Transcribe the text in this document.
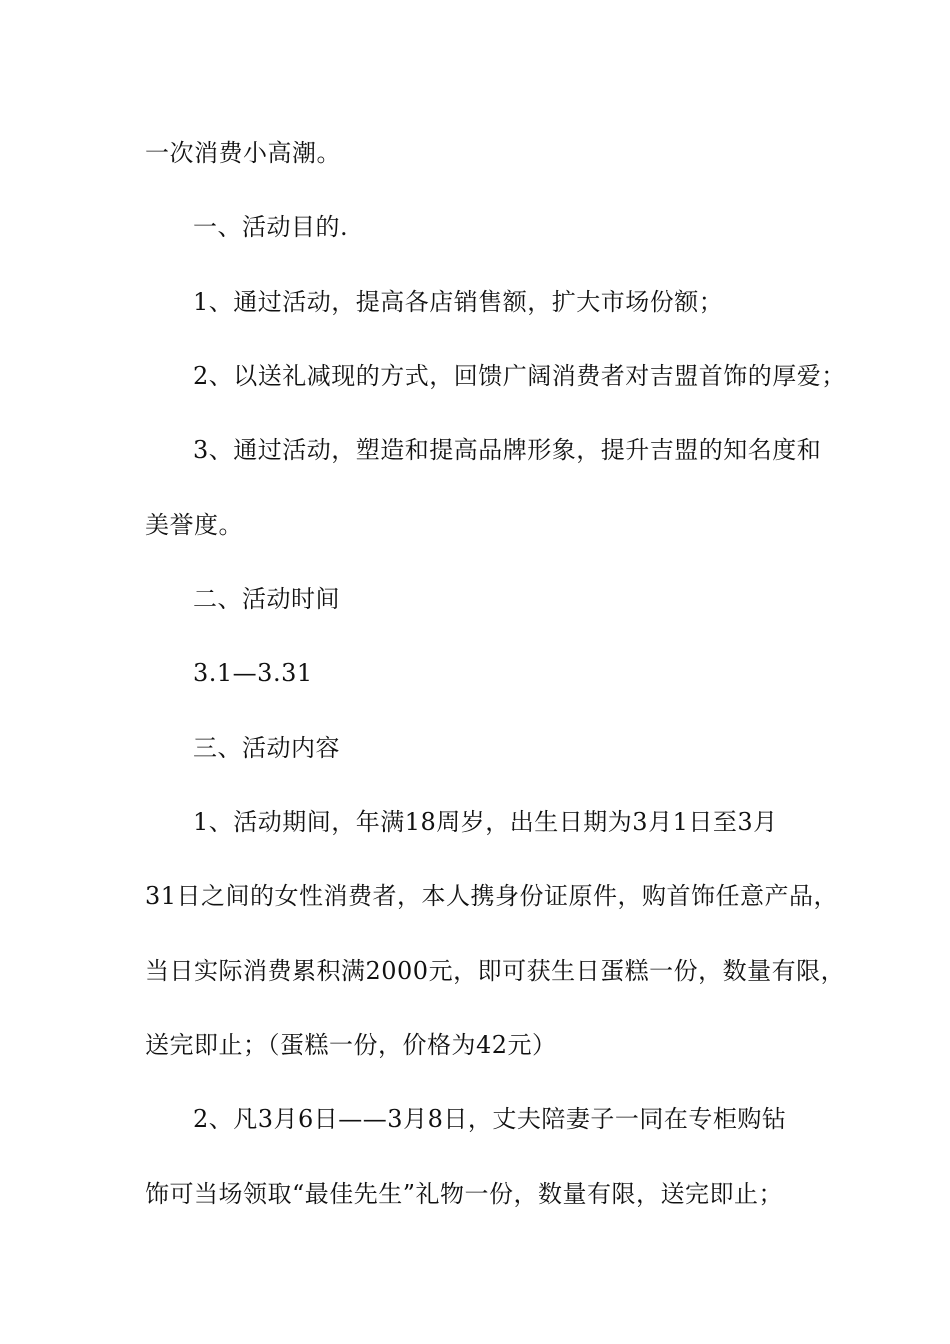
一次消费小高潮。
一、活动目的.
1、通过活动，提高各店销售额，扩大市场份额；
2、以送礼减现的方式，回馈广阔消费者对吉盟首饰的厚爱；
3、通过活动，塑造和提高品牌形象，提升吉盟的知名度和
美誉度。
二、活动时间
3.1—3.31
三、活动内容
1、活动期间，年满18周岁，出生日期为3月1日至3月
31日之间的女性消费者，本人携身份证原件，购首饰任意产品，
当日实际消费累积满2000元，即可获生日蛋糕一份，数量有限，
送完即止；（蛋糕一份，价格为42元）
2、凡3月6日——3月8日，丈夫陪妻子一同在专柜购钻
饰可当场领取“最佳先生”礼物一份，数量有限，送完即止；
